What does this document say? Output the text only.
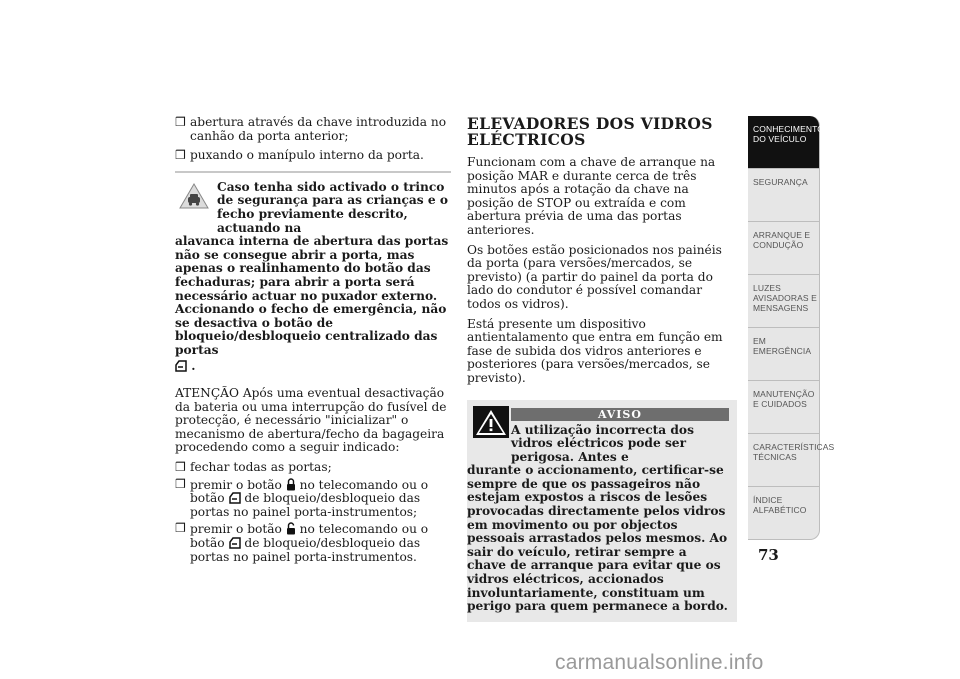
❒ abertura através da chave introduzida no canhão da porta anterior;
❒ puxando o manípulo interno da porta.
Caso tenha sido activado o trinco de segurança para as crianças e o fecho previamente descrito, actuando na
alavanca interna de abertura das portas não se consegue abrir a porta, mas apenas o realinhamento do botão das fechaduras; para abrir a porta será necessário actuar no puxador externo. Accionando o fecho de emergência, não se desactiva o botão de bloqueio/desbloqueio centralizado das portas
.
ATENÇÃO Após uma eventual desactivação da bateria ou uma interrupção do fusível de protecção, é necessário "inicializar" o mecanismo de abertura/fecho da bagageira procedendo como a seguir indicado:
❒ fechar todas as portas;
❒ premir o botão no telecomando ou o botão de bloqueio/desbloqueio das portas no painel porta-instrumentos;
❒ premir o botão no telecomando ou o botão de bloqueio/desbloqueio das portas no painel porta-instrumentos.
ELEVADORES DOS VIDROS ELÉCTRICOS
Funcionam com a chave de arranque na posição MAR e durante cerca de três minutos após a rotação da chave na posição de STOP ou extraída e com abertura prévia de uma das portas anteriores.
Os botões estão posicionados nos painéis da porta (para versões/mercados, se previsto) (a partir do painel da porta do lado do condutor é possível comandar todos os vidros).
Está presente um dispositivo antientalamento que entra em função em fase de subida dos vidros anteriores e posteriores (para versões/mercados, se previsto).
AVISO
A utilização incorrecta dos vidros eléctricos pode ser perigosa. Antes e
durante o accionamento, certificar-se sempre de que os passageiros não estejam expostos a riscos de lesões provocadas directamente pelos vidros em movimento ou por objectos pessoais arrastados pelos mesmos. Ao sair do veículo, retirar sempre a chave de arranque para evitar que os vidros eléctricos, accionados involuntariamente, constituam um perigo para quem permanece a bordo.
CONHECIMENTO DO VEÍCULO
SEGURANÇA
ARRANQUE E CONDUÇÃO
LUZES AVISADORAS E MENSAGENS
EM EMERGÊNCIA
MANUTENÇÃO E CUIDADOS
CARACTERÍSTICAS TÉCNICAS
ÍNDICE ALFABÉTICO
73
carmanualsonline.info
